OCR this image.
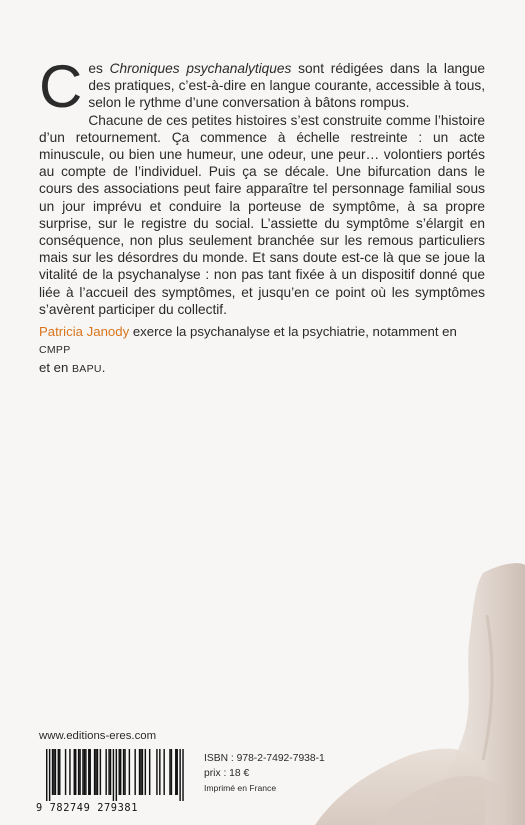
C es Chroniques psychanalytiques sont rédigées dans la langue des pratiques, c’est-à-dire en langue courante, accessible à tous, selon le rythme d’une conversation à bâtons rompus.

Chacune de ces petites histoires s’est construite comme l’histoire d’un retournement. Ça commence à échelle restreinte : un acte minuscule, ou bien une humeur, une odeur, une peur… volontiers portés au compte de l’individuel. Puis ça se décale. Une bifurcation dans le cours des associations peut faire apparaître tel personnage familial sous un jour imprévu et conduire la porteuse de symptôme, à sa propre surprise, sur le registre du social. L’assiette du symptôme s’élargit en conséquence, non plus seulement branchée sur les remous particuliers mais sur les désordres du monde. Et sans doute est-ce là que se joue la vitalité de la psychanalyse : non pas tant fixée à un dispositif donné que liée à l’accueil des symptômes, et jusqu’en ce point où les symptômes s’avèrent participer du collectif.

Patricia Janody exerce la psychanalyse et la psychiatrie, notamment en CMPP
et en BAPU.
www.editions-eres.com
9 782749 279381
ISBN : 978-2-7492-7938-1
prix : 18 €
Imprimé en France
